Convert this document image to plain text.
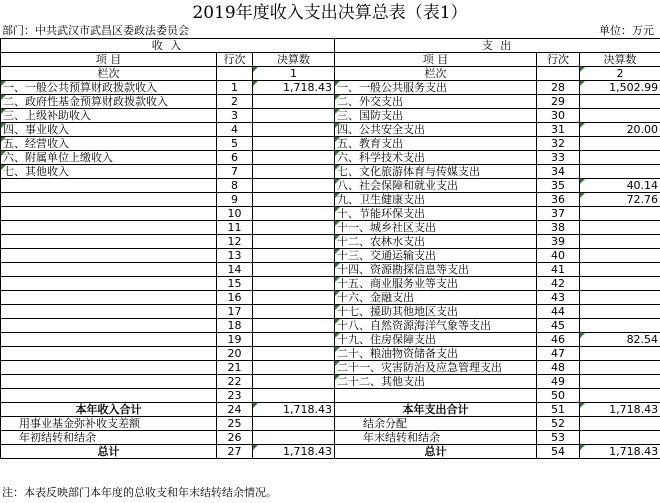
2019年度收入支出决算总表（表1）
部门：中共武汉市武昌区委政法委员会	单位：万元
收 入			支 出		
项 目	行次	决算数	项 目	行次	决算数
栏次		1	栏次		2
一、一般公共预算财政拨款收入	1	1,718.43	一、一般公共服务支出	28	1,502.99
二、政府性基金预算财政拨款收入	2		二、外交支出	29	
三、上级补助收入	3		三、国防支出	30	
四、事业收入	4		四、公共安全支出	31	20.00
五、经营收入	5		五、教育支出	32	
六、附属单位上缴收入	6		六、科学技术支出	33	
七、其他收入	7		七、文化旅游体育与传媒支出	34	
	8		八、社会保障和就业支出	35	40.14
	9		九、卫生健康支出	36	72.76
	10		十、节能环保支出	37	
	11		十一、城乡社区支出	38	
	12		十二、农林水支出	39	
	13		十三、交通运输支出	40	
	14		十四、资源勘探信息等支出	41	
	15		十五、商业服务业等支出	42	
	16		十六、金融支出	43	
	17		十七、援助其他地区支出	44	
	18		十八、自然资源海洋气象等支出	45	
	19		十九、住房保障支出	46	82.54
	20		二十、粮油物资储备支出	47	
	21		二十一、灾害防治及应急管理支出	48	
	22		二十二、其他支出	49	
	23			50	
本年收入合计	24	1,718.43	本年支出合计	51	1,718.43
用事业基金弥补收支差额	25		结余分配	52	
年初结转和结余	26		年末结转和结余	53	
总计	27	1,718.43	总计	54	1,718.43
注：本表反映部门本年度的总收支和年末结转结余情况。
